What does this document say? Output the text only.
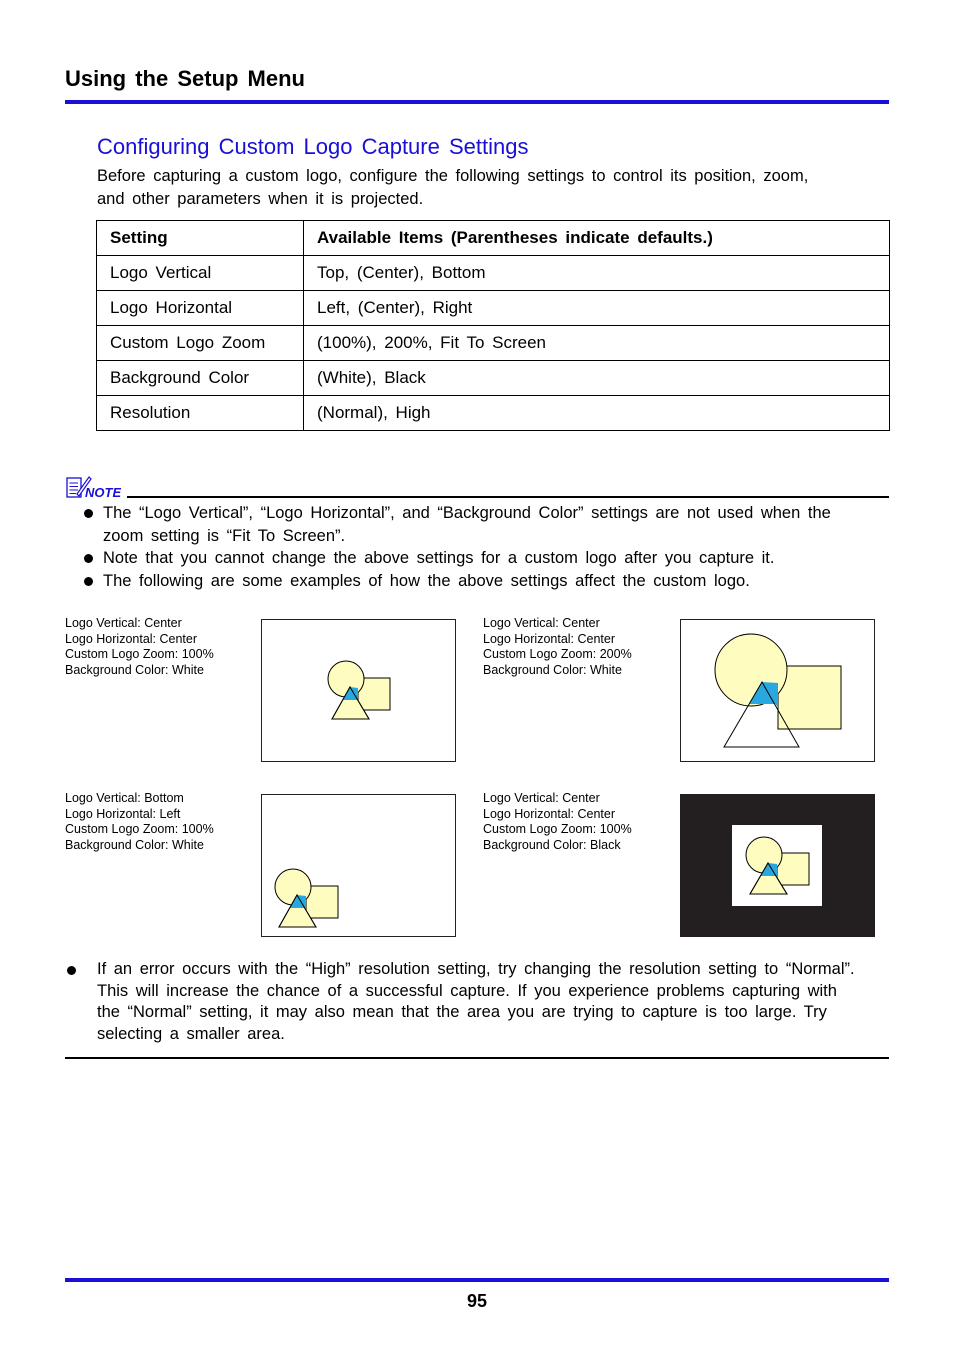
Using the Setup Menu
Configuring Custom Logo Capture Settings
Before capturing a custom logo, configure the following settings to control its position, zoom, and other parameters when it is projected.
Setting	Available Items (Parentheses indicate defaults.)
Logo Vertical	Top, (Center), Bottom
Logo Horizontal	Left, (Center), Right
Custom Logo Zoom	(100%), 200%, Fit To Screen
Background Color	(White), Black
Resolution	(Normal), High
NOTE
The “Logo Vertical”, “Logo Horizontal”, and “Background Color” settings are not used when the zoom setting is “Fit To Screen”.
Note that you cannot change the above settings for a custom logo after you capture it.
The following are some examples of how the above settings affect the custom logo.
Logo Vertical: Center
Logo Horizontal: Center
Custom Logo Zoom: 100%
Background Color: White
Logo Vertical: Center
Logo Horizontal: Center
Custom Logo Zoom: 200%
Background Color: White
Logo Vertical: Bottom
Logo Horizontal: Left
Custom Logo Zoom: 100%
Background Color: White
Logo Vertical: Center
Logo Horizontal: Center
Custom Logo Zoom: 100%
Background Color: Black
If an error occurs with the “High” resolution setting, try changing the resolution setting to “Normal”. This will increase the chance of a successful capture. If you experience problems capturing with the “Normal” setting, it may also mean that the area you are trying to capture is too large. Try selecting a smaller area.
95
